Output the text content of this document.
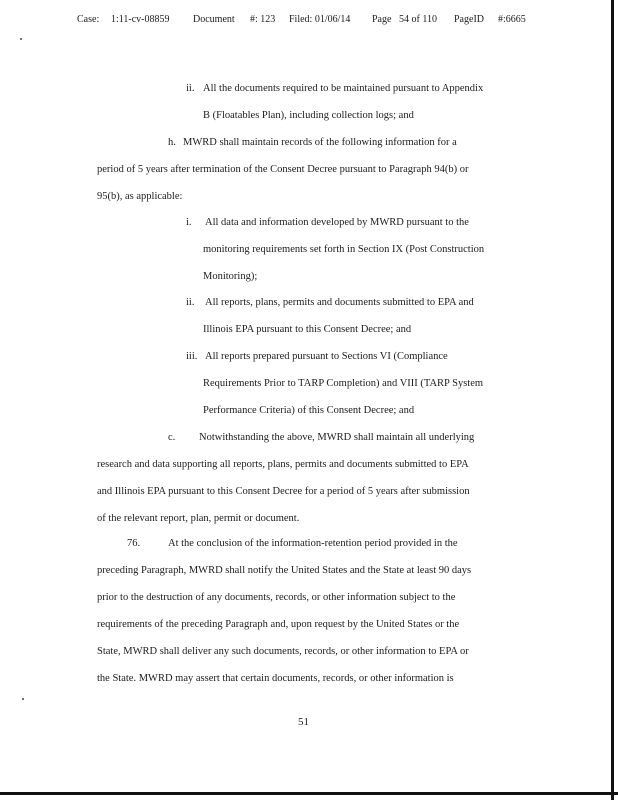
Case: 1:11-cv-08859 Document #: 123 Filed: 01/06/14 Page 54 of 110 PageID #:6665
ii. All the documents required to be maintained pursuant to Appendix
B (Floatables Plan), including collection logs; and
h. MWRD shall maintain records of the following information for a
period of 5 years after termination of the Consent Decree pursuant to Paragraph 94(b) or
95(b), as applicable:
i. All data and information developed by MWRD pursuant to the
monitoring requirements set forth in Section IX (Post Construction
Monitoring);
ii. All reports, plans, permits and documents submitted to EPA and
Illinois EPA pursuant to this Consent Decree; and
iii. All reports prepared pursuant to Sections VI (Compliance
Requirements Prior to TARP Completion) and VIII (TARP System
Performance Criteria) of this Consent Decree; and
c. Notwithstanding the above, MWRD shall maintain all underlying
research and data supporting all reports, plans, permits and documents submitted to EPA
and Illinois EPA pursuant to this Consent Decree for a period of 5 years after submission
of the relevant report, plan, permit or document.
76.	At the conclusion of the information-retention period provided in the
preceding Paragraph, MWRD shall notify the United States and the State at least 90 days
prior to the destruction of any documents, records, or other information subject to the
requirements of the preceding Paragraph and, upon request by the United States or the
State, MWRD shall deliver any such documents, records, or other information to EPA or
the State. MWRD may assert that certain documents, records, or other information is
51
